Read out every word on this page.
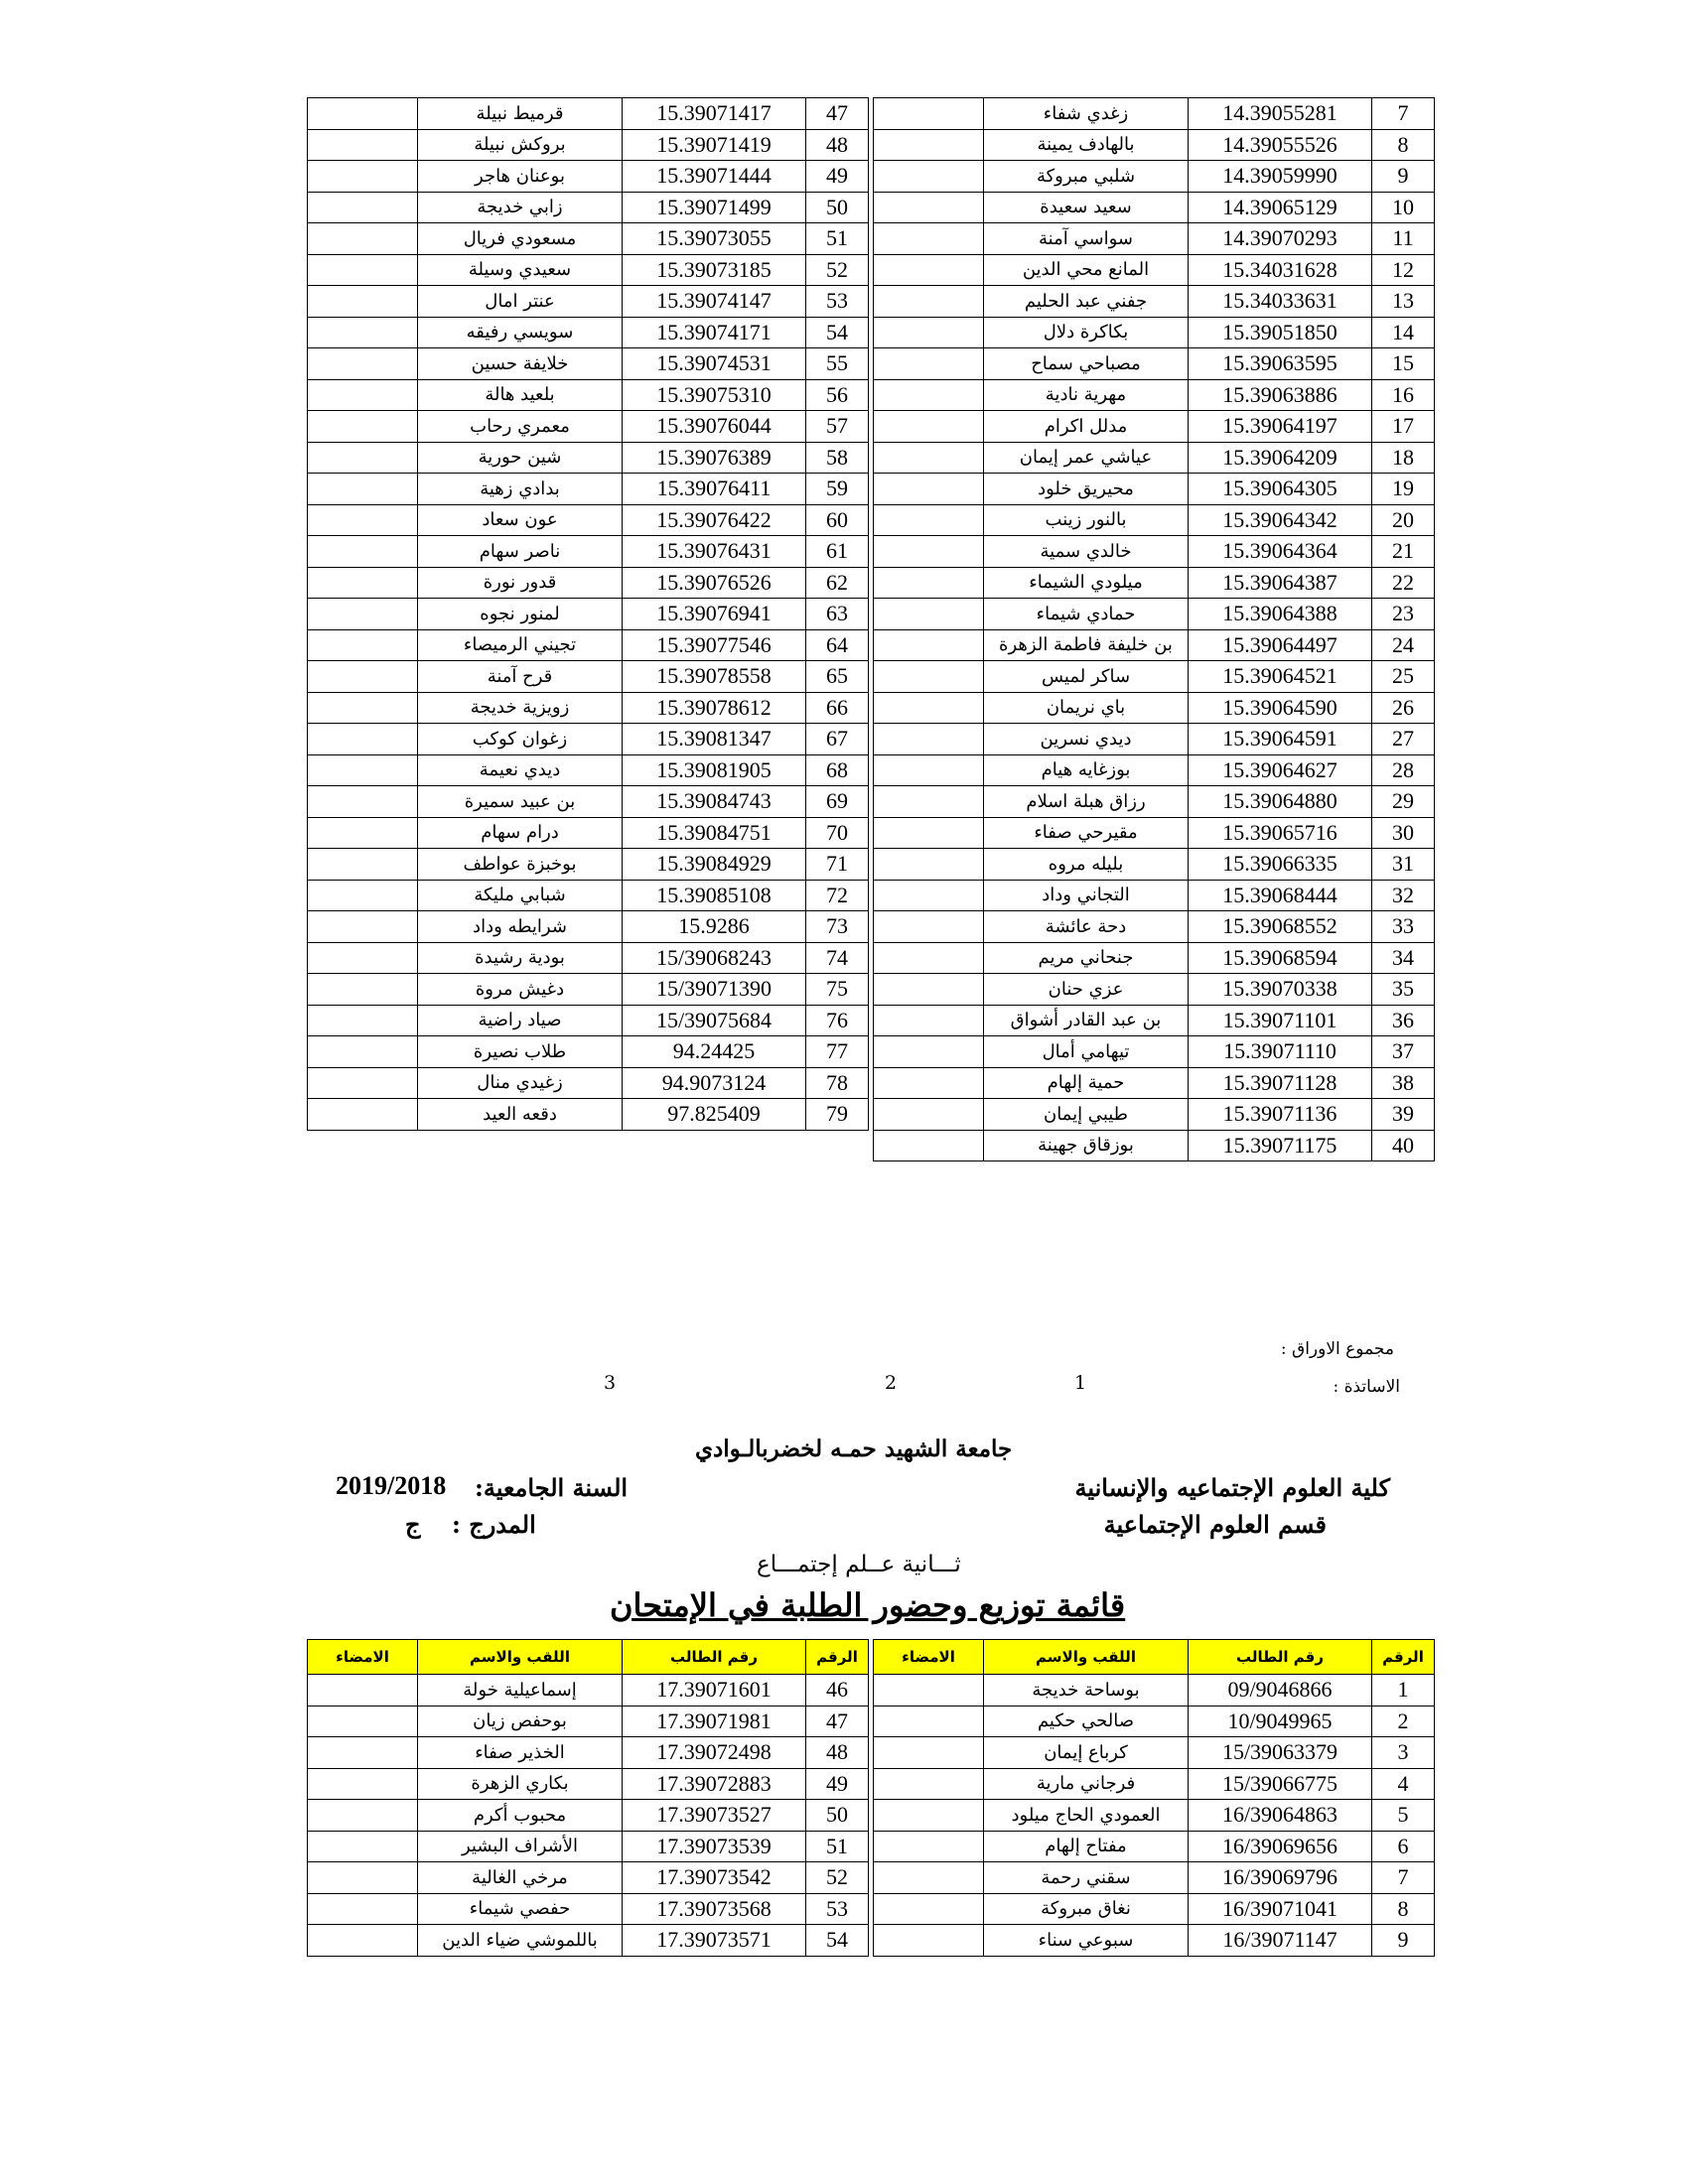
	قرميط نبيلة	15.39071417	47
	بروكش نبيلة	15.39071419	48
	بوعنان هاجر	15.39071444	49
	زابي خديجة	15.39071499	50
	مسعودي فريال	15.39073055	51
	سعيدي وسيلة	15.39073185	52
	عنتر امال	15.39074147	53
	سويسي رفيقه	15.39074171	54
	خلايفة حسين	15.39074531	55
	بلعيد هالة	15.39075310	56
	معمري رحاب	15.39076044	57
	شين حورية	15.39076389	58
	بدادي زهية	15.39076411	59
	عون سعاد	15.39076422	60
	ناصر سهام	15.39076431	61
	قدور نورة	15.39076526	62
	لمنور نجوه	15.39076941	63
	تجيني الرميصاء	15.39077546	64
	قرح آمنة	15.39078558	65
	زويزية خديجة	15.39078612	66
	زغوان كوكب	15.39081347	67
	ديدي نعيمة	15.39081905	68
	بن عبيد سميرة	15.39084743	69
	درام سهام	15.39084751	70
	بوخبزة عواطف	15.39084929	71
	شبابي مليكة	15.39085108	72
	شرايطه وداد	15.9286	73
	بودية رشيدة	15/39068243	74
	دغيش مروة	15/39071390	75
	صياد راضية	15/39075684	76
	طلاب نصيرة	94.24425	77
	زغيدي منال	94.9073124	78
	دقعه العيد	97.825409	79
	زغدي شفاء	14.39055281	7
	بالهادف يمينة	14.39055526	8
	شلبي مبروكة	14.39059990	9
	سعيد سعيدة	14.39065129	10
	سواسي آمنة	14.39070293	11
	المانع محي الدين	15.34031628	12
	جفني عبد الحليم	15.34033631	13
	بكاكرة دلال	15.39051850	14
	مصباحي سماح	15.39063595	15
	مهرية نادية	15.39063886	16
	مدلل اكرام	15.39064197	17
	عياشي عمر إيمان	15.39064209	18
	محيريق خلود	15.39064305	19
	بالنور زينب	15.39064342	20
	خالدي سمية	15.39064364	21
	ميلودي الشيماء	15.39064387	22
	حمادي شيماء	15.39064388	23
	بن خليفة فاطمة الزهرة	15.39064497	24
	ساكر لميس	15.39064521	25
	باي نريمان	15.39064590	26
	ديدي نسرين	15.39064591	27
	بوزغايه هيام	15.39064627	28
	رزاق هبلة اسلام	15.39064880	29
	مقيرحي صفاء	15.39065716	30
	بليله مروه	15.39066335	31
	التجاني وداد	15.39068444	32
	دحة عائشة	15.39068552	33
	جنحاني مريم	15.39068594	34
	عزي حنان	15.39070338	35
	بن عبد القادر أشواق	15.39071101	36
	تيهامي أمال	15.39071110	37
	حمية إلهام	15.39071128	38
	طيبي إيمان	15.39071136	39
	بوزقاق جهينة	15.39071175	40
مجموع الاوراق :
الاساتذة :
1
2
3
جامعة الشهيد حمـه لخضربالـوادي
كلية العلوم الإجتماعيه والإنسانية
السنة الجامعية:
2019/2018
قسم العلوم الإجتماعية
المدرج :
ج
ثـــانية عــلم إجتمـــاع
قائمة توزيع وحضور الطلبة في الإمتحان
الامضاء	اللقب والاسم	رقم الطالب	الرقم
	إسماعيلية خولة	17.39071601	46
	بوحفص زيان	17.39071981	47
	الخذير صفاء	17.39072498	48
	بكاري الزهرة	17.39072883	49
	محبوب أكرم	17.39073527	50
	الأشراف البشير	17.39073539	51
	مرخي الغالية	17.39073542	52
	حفصي شيماء	17.39073568	53
	باللموشي ضياء الدين	17.39073571	54
الامضاء	اللقب والاسم	رقم الطالب	الرقم
	بوساحة خديجة	09/9046866	1
	صالحي حكيم	10/9049965	2
	كرباع إيمان	15/39063379	3
	فرجاني مارية	15/39066775	4
	العمودي الحاج ميلود	16/39064863	5
	مفتاح إلهام	16/39069656	6
	سقني رحمة	16/39069796	7
	نغاق مبروكة	16/39071041	8
	سبوعي سناء	16/39071147	9
